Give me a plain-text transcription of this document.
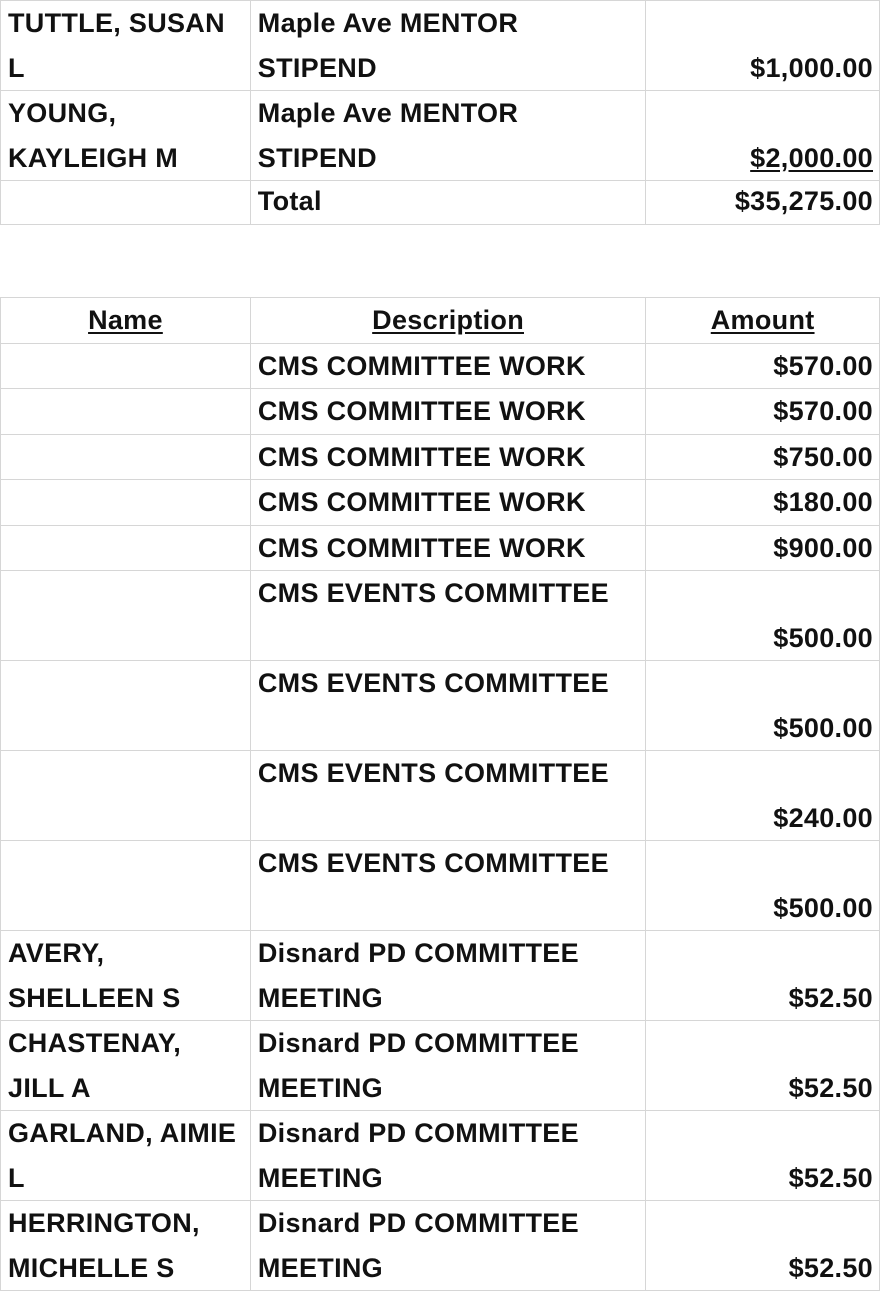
TUTTLE, SUSAN L	Maple Ave MENTOR STIPEND	$1,000.00
YOUNG, KAYLEIGH M	Maple Ave MENTOR STIPEND	$2,000.00
	Total	$35,275.00
Name	Description	Amount
	CMS COMMITTEE WORK	$570.00
	CMS COMMITTEE WORK	$570.00
	CMS COMMITTEE WORK	$750.00
	CMS COMMITTEE WORK	$180.00
	CMS COMMITTEE WORK	$900.00
	CMS EVENTS COMMITTEE	$500.00
	CMS EVENTS COMMITTEE	$500.00
	CMS EVENTS COMMITTEE	$240.00
	CMS EVENTS COMMITTEE	$500.00
AVERY, SHELLEEN S	Disnard PD COMMITTEE MEETING	$52.50
CHASTENAY, JILL A	Disnard PD COMMITTEE MEETING	$52.50
GARLAND, AIMIE L	Disnard PD COMMITTEE MEETING	$52.50
HERRINGTON, MICHELLE S	Disnard PD COMMITTEE MEETING	$52.50
